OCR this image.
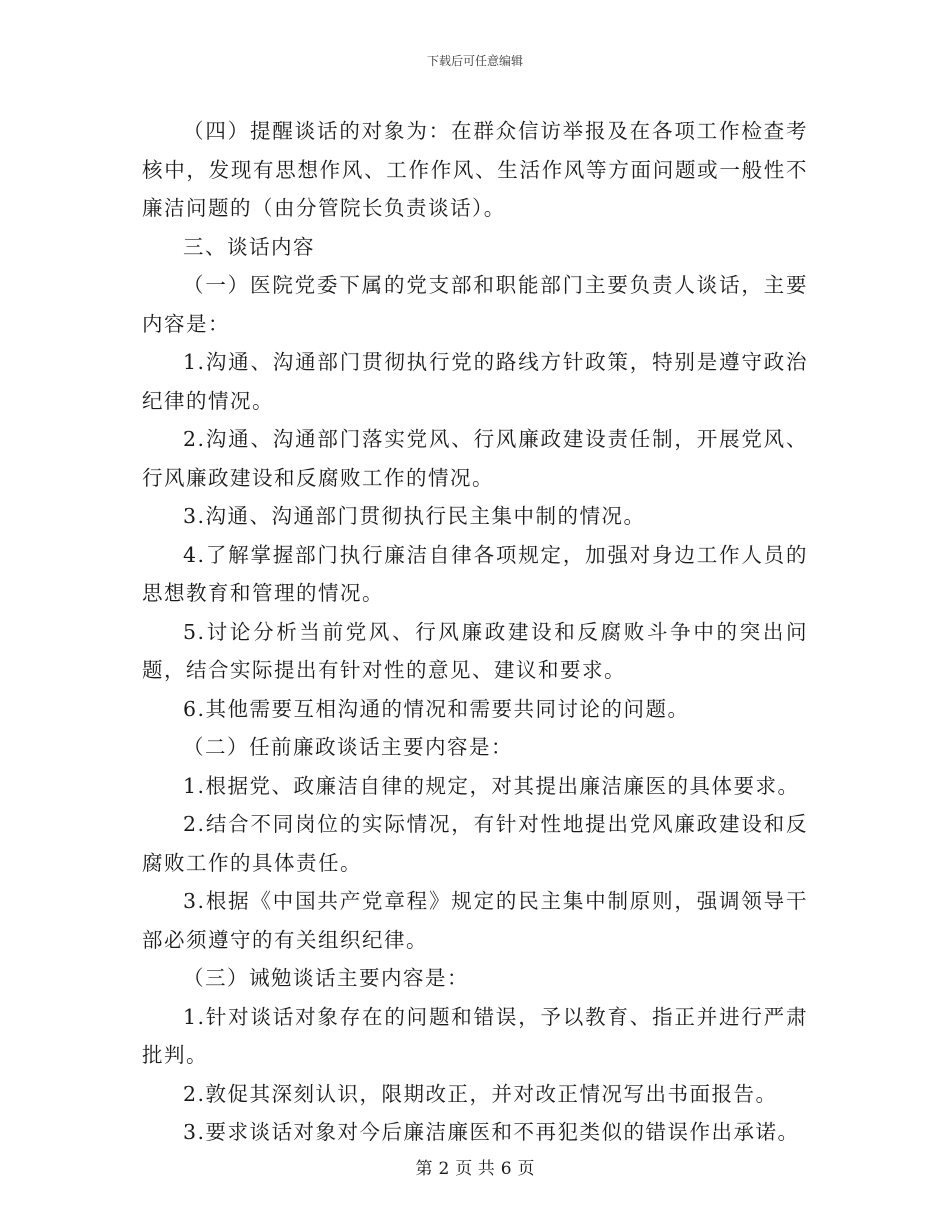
下载后可任意编辑

（四）提醒谈话的对象为：在群众信访举报及在各项工作检查考核中，发现有思想作风、工作作风、生活作风等方面问题或一般性不廉洁问题的（由分管院长负责谈话）。

三、谈话内容

（一）医院党委下属的党支部和职能部门主要负责人谈话，主要内容是：

1.沟通、沟通部门贯彻执行党的路线方针政策，特别是遵守政治纪律的情况。

2.沟通、沟通部门落实党风、行风廉政建设责任制，开展党风、行风廉政建设和反腐败工作的情况。

3.沟通、沟通部门贯彻执行民主集中制的情况。

4.了解掌握部门执行廉洁自律各项规定，加强对身边工作人员的思想教育和管理的情况。

5.讨论分析当前党风、行风廉政建设和反腐败斗争中的突出问题，结合实际提出有针对性的意见、建议和要求。

6.其他需要互相沟通的情况和需要共同讨论的问题。

（二）任前廉政谈话主要内容是：

1.根据党、政廉洁自律的规定，对其提出廉洁廉医的具体要求。

2.结合不同岗位的实际情况，有针对性地提出党风廉政建设和反腐败工作的具体责任。

3.根据《中国共产党章程》规定的民主集中制原则，强调领导干部必须遵守的有关组织纪律。

（三）诫勉谈话主要内容是：

1.针对谈话对象存在的问题和错误，予以教育、指正并进行严肃批判。

2.敦促其深刻认识，限期改正，并对改正情况写出书面报告。

3.要求谈话对象对今后廉洁廉医和不再犯类似的错误作出承诺。

第 2 页 共 6 页
